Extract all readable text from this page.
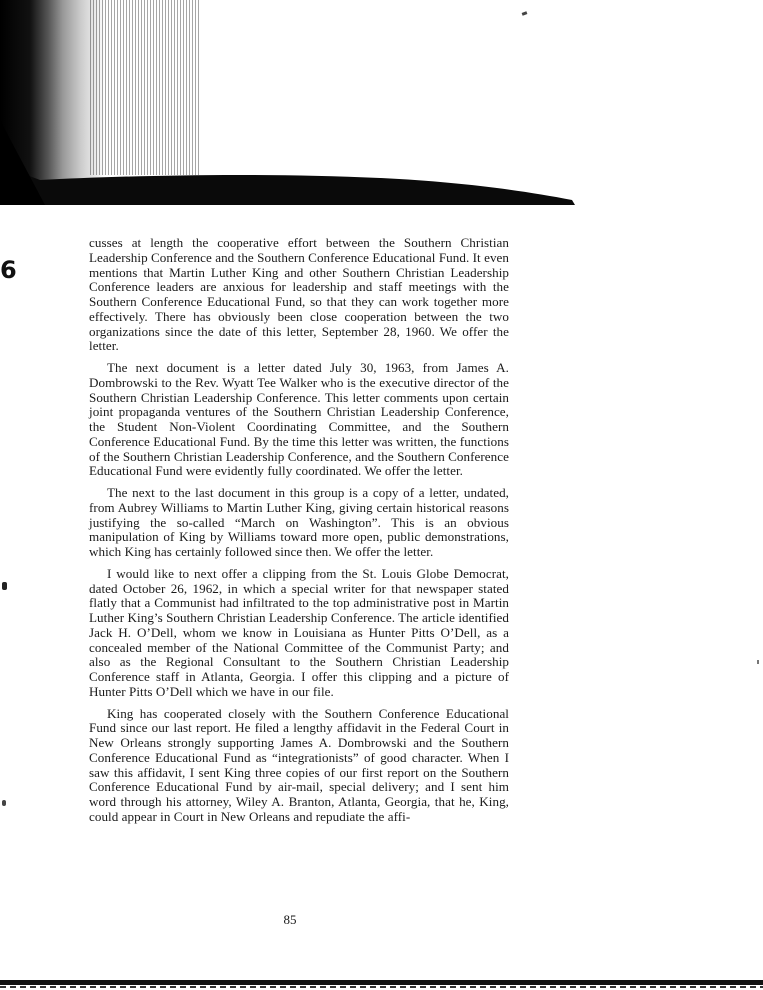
6

cusses at length the cooperative effort between the Southern Christian Leadership Conference and the Southern Conference Educational Fund. It even mentions that Martin Luther King and other Southern Christian Leadership Conference leaders are anxious for leadership and staff meetings with the Southern Conference Educational Fund, so that they can work together more effectively. There has obviously been close cooperation between the two organizations since the date of this letter, September 28, 1960. We offer the letter.

The next document is a letter dated July 30, 1963, from James A. Dombrowski to the Rev. Wyatt Tee Walker who is the executive director of the Southern Christian Leadership Conference. This letter comments upon certain joint propaganda ventures of the Southern Christian Leadership Conference, the Student Non-Violent Coordinating Committee, and the Southern Conference Educational Fund. By the time this letter was written, the functions of the Southern Christian Leadership Conference, and the Southern Conference Educational Fund were evidently fully coordinated. We offer the letter.

The next to the last document in this group is a copy of a letter, undated, from Aubrey Williams to Martin Luther King, giving certain historical reasons justifying the so-called “March on Washington”. This is an obvious manipulation of King by Williams toward more open, public demonstrations, which King has certainly followed since then. We offer the letter.

I would like to next offer a clipping from the St. Louis Globe Democrat, dated October 26, 1962, in which a special writer for that newspaper stated flatly that a Communist had infiltrated to the top administrative post in Martin Luther King’s Southern Christian Leadership Conference. The article identified Jack H. O’Dell, whom we know in Louisiana as Hunter Pitts O’Dell, as a concealed member of the National Committee of the Communist Party; and also as the Regional Consultant to the Southern Christian Leadership Conference staff in Atlanta, Georgia. I offer this clipping and a picture of Hunter Pitts O’Dell which we have in our file.

King has cooperated closely with the Southern Conference Educational Fund since our last report. He filed a lengthy affidavit in the Federal Court in New Orleans strongly supporting James A. Dombrowski and the Southern Conference Educational Fund as “integrationists” of good character. When I saw this affidavit, I sent King three copies of our first report on the Southern Conference Educational Fund by air-mail, special delivery; and I sent him word through his attorney, Wiley A. Branton, Atlanta, Georgia, that he, King, could appear in Court in New Orleans and repudiate the affi-

85
